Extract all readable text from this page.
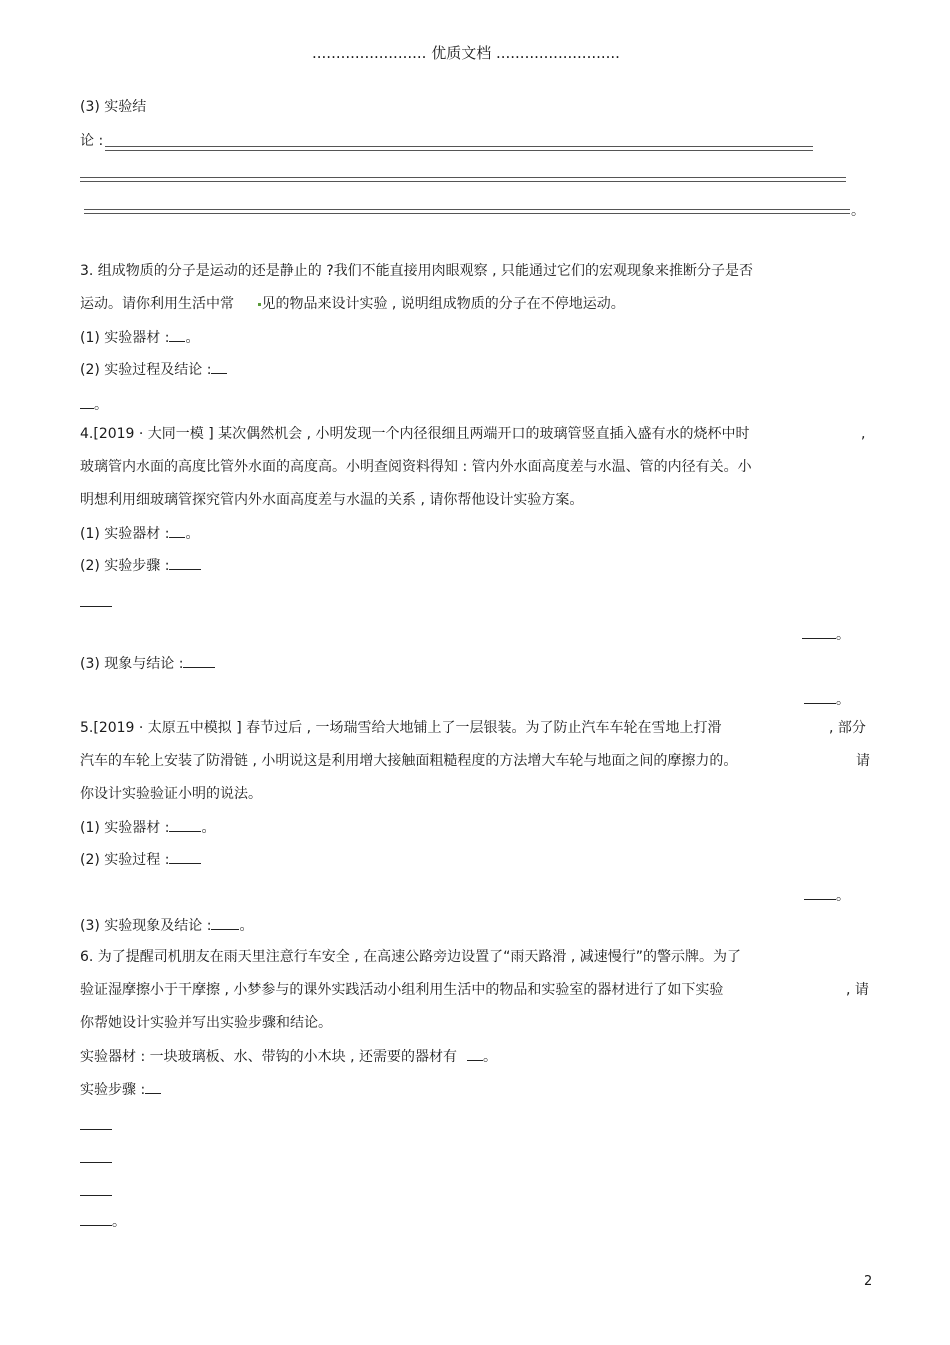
........................ 优质文档 ..........................
(3) 实验结
论 :
。
3. 组成物质的分子是运动的还是静止的 ?我们不能直接用肉眼观察 , 只能通过它们的宏观现象来推断分子是否
运动。请你利用生活中常 见的物品来设计实验 , 说明组成物质的分子在不停地运动。
(1) 实验器材 : 。
(2) 实验过程及结论 :
。
4.[2019 · 大同一模 ] 某次偶然机会 , 小明发现一个内径很细且两端开口的玻璃管竖直插入盛有水的烧杯中时	,
玻璃管内水面的高度比管外水面的高度高。小明查阅资料得知 : 管内外水面高度差与水温、管的内径有关。小
明想利用细玻璃管探究管内外水面高度差与水温的关系 , 请你帮他设计实验方案。
(1) 实验器材 : 。
(2) 实验步骤 :
。
(3) 现象与结论 :
。
5.[2019 · 太原五中模拟 ] 春节过后 , 一场瑞雪给大地铺上了一层银装。为了防止汽车车轮在雪地上打滑	, 部分
汽车的车轮上安装了防滑链 , 小明说这是利用增大接触面粗糙程度的方法增大车轮与地面之间的摩擦力的。	请
你设计实验验证小明的说法。
(1) 实验器材 : 。
(2) 实验过程 :
。
(3) 实验现象及结论 : 。
6. 为了提醒司机朋友在雨天里注意行车安全 , 在高速公路旁边设置了“雨天路滑 , 减速慢行”的警示牌。为了
验证湿摩擦小于干摩擦 , 小梦参与的课外实践活动小组利用生活中的物品和实验室的器材进行了如下实验	, 请
你帮她设计实验并写出实验步骤和结论。
实验器材 : 一块玻璃板、水、带钩的小木块 , 还需要的器材有 。
实验步骤 :
。
2
